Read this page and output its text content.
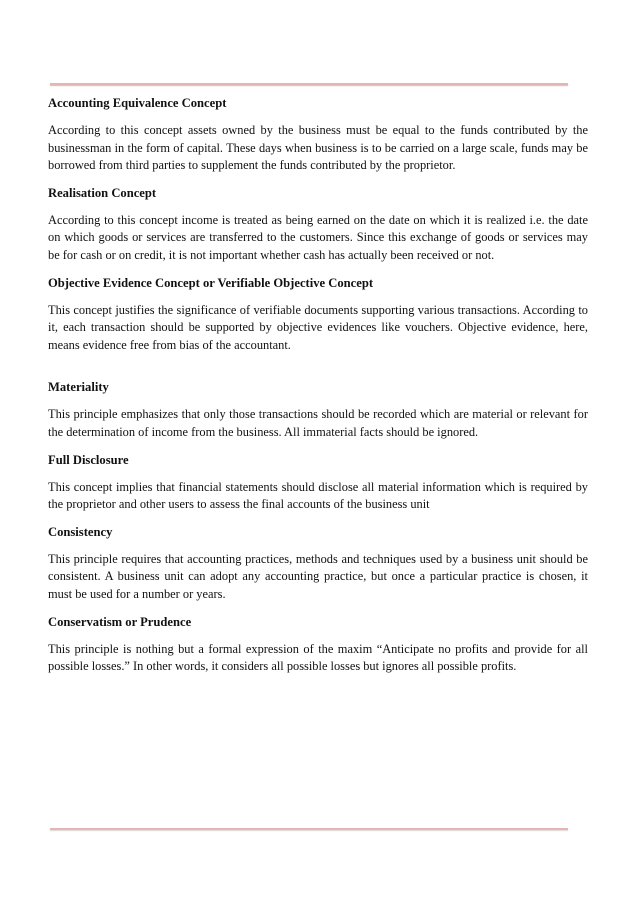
Accounting Equivalence Concept

According to this concept assets owned by the business must be equal to the funds contributed by the businessman in the form of capital. These days when business is to be carried on a large scale, funds may be borrowed from third parties to supplement the funds contributed by the proprietor.

Realisation Concept

According to this concept income is treated as being earned on the date on which it is realized i.e. the date on which goods or services are transferred to the customers. Since this exchange of goods or services may be for cash or on credit, it is not important whether cash has actually been received or not.

Objective Evidence Concept or Verifiable Objective Concept

This concept justifies the significance of verifiable documents supporting various transactions. According to it, each transaction should be supported by objective evidences like vouchers. Objective evidence, here, means evidence free from bias of the accountant.

Materiality

This principle emphasizes that only those transactions should be recorded which are material or relevant for the determination of income from the business. All immaterial facts should be ignored.

Full Disclosure

This concept implies that financial statements should disclose all material information which is required by the proprietor and other users to assess the final accounts of the business unit

Consistency

This principle requires that accounting practices, methods and techniques used by a business unit should be consistent. A business unit can adopt any accounting practice, but once a particular practice is chosen, it must be used for a number or years.

Conservatism or Prudence

This principle is nothing but a formal expression of the maxim “Anticipate no profits and provide for all possible losses.” In other words, it considers all possible losses but ignores all possible profits.
